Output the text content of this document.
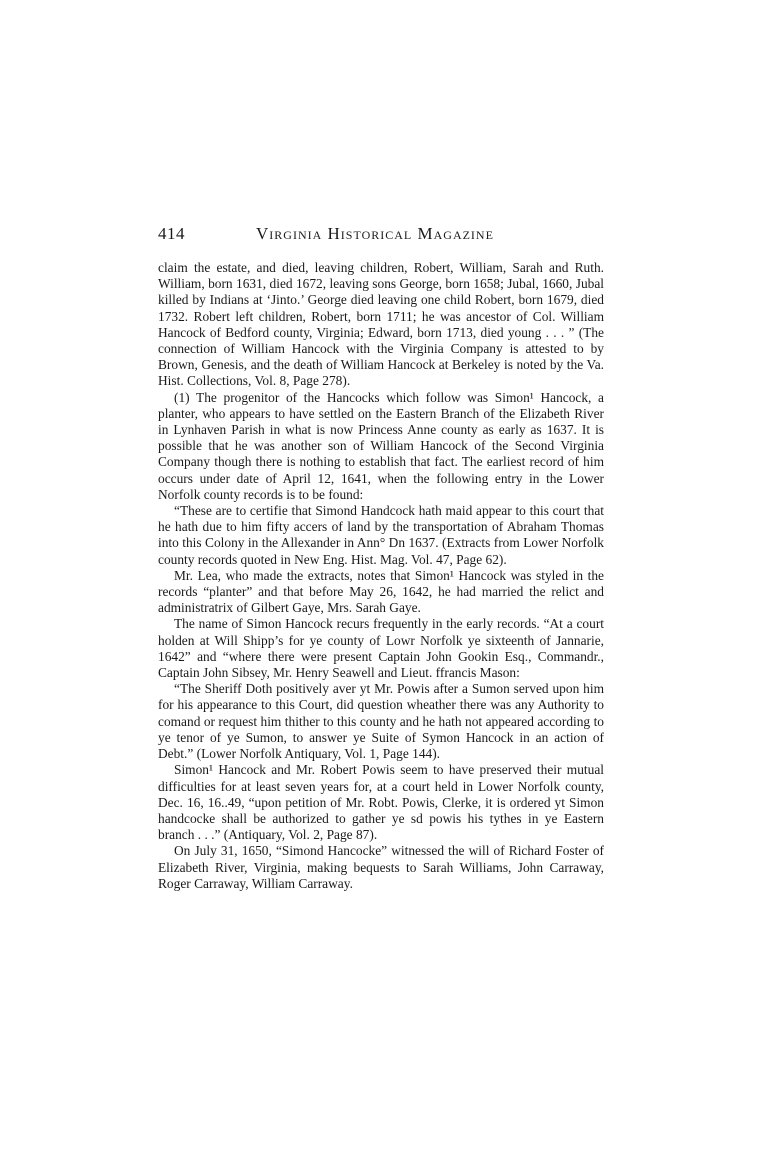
414	Virginia Historical Magazine

claim the estate, and died, leaving children, Robert, William, Sarah and Ruth. William, born 1631, died 1672, leaving sons George, born 1658; Jubal, 1660, Jubal killed by Indians at ‘Jinto.’ George died leaving one child Robert, born 1679, died 1732. Robert left children, Robert, born 1711; he was ancestor of Col. William Hancock of Bedford county, Virginia; Edward, born 1713, died young . . . ” (The connection of William Hancock with the Virginia Company is attested to by Brown, Genesis, and the death of William Hancock at Berkeley is noted by the Va. Hist. Collections, Vol. 8, Page 278).

(1) The progenitor of the Hancocks which follow was Simon¹ Hancock, a planter, who appears to have settled on the Eastern Branch of the Elizabeth River in Lynhaven Parish in what is now Princess Anne county as early as 1637. It is possible that he was another son of William Hancock of the Second Virginia Company though there is nothing to establish that fact. The earliest record of him occurs under date of April 12, 1641, when the following entry in the Lower Norfolk county records is to be found:

“These are to certifie that Simond Handcock hath maid appear to this court that he hath due to him fifty accers of land by the transportation of Abraham Thomas into this Colony in the Allexander in Ann° Dn 1637. (Extracts from Lower Norfolk county records quoted in New Eng. Hist. Mag. Vol. 47, Page 62).

Mr. Lea, who made the extracts, notes that Simon¹ Hancock was styled in the records “planter” and that before May 26, 1642, he had married the relict and administratrix of Gilbert Gaye, Mrs. Sarah Gaye.

The name of Simon Hancock recurs frequently in the early records. “At a court holden at Will Shipp’s for ye county of Lowr Norfolk ye sixteenth of Jannarie, 1642” and “where there were present Captain John Gookin Esq., Commandr., Captain John Sibsey, Mr. Henry Seawell and Lieut. ffrancis Mason:

“The Sheriff Doth positively aver yt Mr. Powis after a Sumon served upon him for his appearance to this Court, did question wheather there was any Authority to comand or request him thither to this county and he hath not appeared according to ye tenor of ye Sumon, to answer ye Suite of Symon Hancock in an action of Debt.” (Lower Norfolk Antiquary, Vol. 1, Page 144).

Simon¹ Hancock and Mr. Robert Powis seem to have preserved their mutual difficulties for at least seven years for, at a court held in Lower Norfolk county, Dec. 16, 16..49, “upon petition of Mr. Robt. Powis, Clerke, it is ordered yt Simon handcocke shall be authorized to gather ye sd powis his tythes in ye Eastern branch . . .” (Antiquary, Vol. 2, Page 87).

On July 31, 1650, “Simond Hancocke” witnessed the will of Richard Foster of Elizabeth River, Virginia, making bequests to Sarah Williams, John Carraway, Roger Carraway, William Carraway.
